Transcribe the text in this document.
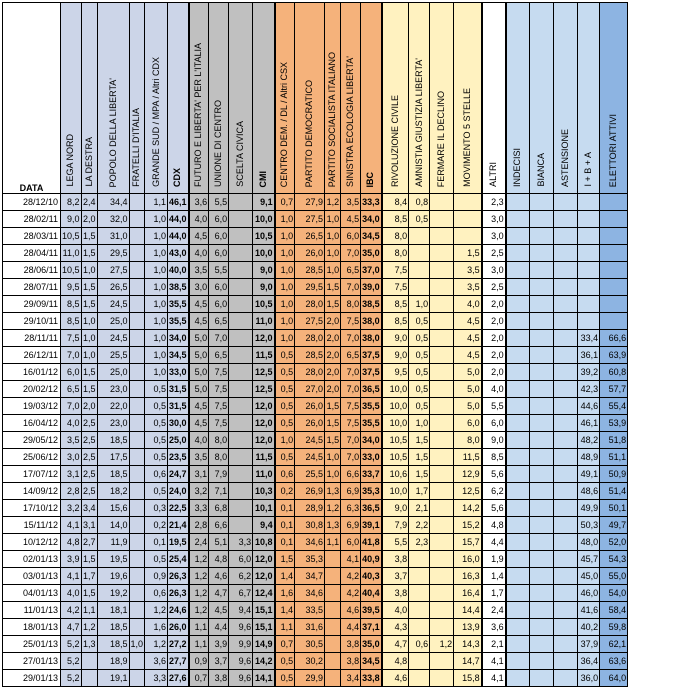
DATA	LEGA NORD	LA DESTRA	POPOLO DELLA LIBERTA'	FRATELLI D'ITALIA	GRANDE SUD / MPA / Altri CDX	CDX	FUTURO E LIBERTA' PER L'ITALIA	UNIONE DI CENTRO	SCELTA CIVICA	CMI	CENTRO DEM. / DL / Altri CSX	PARTITO DEMOCRATICO	PARTITO SOCIALISTA ITALIANO	SINISTRA ECOLOGIA LIBERTA'	IBC	RIVOLUZIONE CIVILE	AMNISTIA GIUSTIZIA LIBERTA'	FERMARE IL DECLINO	MOVIMENTO 5 STELLE	ALTRI	INDECISI	BIANCA	ASTENSIONE	I + B + A	ELETTORI ATTIVI
28/12/10	8,2	2,4	34,4		1,1	46,1	3,6	5,5		9,1	0,7	27,9	1,2	3,5	33,3	8,4	0,8			2,3					
28/02/11	9,0	2,0	32,0		1,0	44,0	4,0	6,0		10,0	1,0	27,5	1,0	4,5	34,0	8,5	0,5			3,0					
28/03/11	10,5	1,5	31,0		1,0	44,0	4,5	6,0		10,5	1,0	26,5	1,0	6,0	34,5	8,0				3,0					
28/04/11	11,0	1,5	29,5		1,0	43,0	4,0	6,0		10,0	1,0	26,0	1,0	7,0	35,0	8,0			1,5	2,5					
28/06/11	10,5	1,0	27,5		1,0	40,0	3,5	5,5		9,0	1,0	28,5	1,0	6,5	37,0	7,5			3,5	3,0					
28/07/11	9,5	1,5	26,5		1,0	38,5	3,0	6,0		9,0	1,0	29,5	1,5	7,0	39,0	7,5			3,5	2,5					
29/09/11	8,5	1,5	24,5		1,0	35,5	4,5	6,0		10,5	1,0	28,0	1,5	8,0	38,5	8,5	1,0		4,0	2,0					
29/10/11	8,5	1,0	25,0		1,0	35,5	4,5	6,5		11,0	1,0	27,5	2,0	7,5	38,0	8,5	0,5		4,5	2,0					
28/11/11	7,5	1,0	24,5		1,0	34,0	5,0	7,0		12,0	1,0	28,0	2,0	7,0	38,0	9,0	0,5		4,5	2,0				33,4	66,6
26/12/11	7,0	1,0	25,5		1,0	34,5	5,0	6,5		11,5	0,5	28,5	2,0	6,5	37,5	9,0	0,5		4,5	2,0				36,1	63,9
16/01/12	6,0	1,5	25,0		1,0	33,0	5,0	7,5		12,5	0,5	28,0	2,0	7,0	37,5	9,5	0,5		5,0	2,0				39,2	60,8
20/02/12	6,5	1,5	23,0		0,5	31,5	5,0	7,5		12,5	0,5	27,0	2,0	7,0	36,5	10,0	0,5		5,0	4,0				42,3	57,7
19/03/12	7,0	2,0	22,0		0,5	31,5	4,5	7,5		12,0	0,5	26,0	1,5	7,5	35,5	10,0	0,5		5,0	5,5				44,6	55,4
16/04/12	4,0	2,5	23,0		0,5	30,0	4,5	7,5		12,0	0,5	26,0	1,5	7,5	35,5	10,0	1,0		6,0	6,0				46,1	53,9
29/05/12	3,5	2,5	18,5		0,5	25,0	4,0	8,0		12,0	1,0	24,5	1,5	7,0	34,0	10,5	1,5		8,0	9,0				48,2	51,8
25/06/12	3,0	2,5	17,5		0,5	23,5	3,5	8,0		11,5	0,5	24,5	1,0	7,0	33,0	10,5	1,5		11,5	8,5				48,9	51,1
17/07/12	3,1	2,5	18,5		0,6	24,7	3,1	7,9		11,0	0,6	25,5	1,0	6,6	33,7	10,6	1,5		12,9	5,6				49,1	50,9
14/09/12	2,8	2,5	18,2		0,5	24,0	3,2	7,1		10,3	0,2	26,9	1,3	6,9	35,3	10,0	1,7		12,5	6,2				48,6	51,4
17/10/12	3,2	3,4	15,6		0,3	22,5	3,3	6,8		10,1	0,1	28,9	1,2	6,3	36,5	9,0	2,1		14,2	5,6				49,9	50,1
15/11/12	4,1	3,1	14,0		0,2	21,4	2,8	6,6		9,4	0,1	30,8	1,3	6,9	39,1	7,9	2,2		15,2	4,8				50,3	49,7
10/12/12	4,8	2,7	11,9		0,1	19,5	2,4	5,1	3,3	10,8	0,1	34,6	1,1	6,0	41,8	5,5	2,3		15,7	4,4				48,0	52,0
02/01/13	3,9	1,5	19,5		0,5	25,4	1,2	4,8	6,0	12,0	1,5	35,3		4,1	40,9	3,8			16,0	1,9				45,7	54,3
03/01/13	4,1	1,7	19,6		0,9	26,3	1,2	4,6	6,2	12,0	1,4	34,7		4,2	40,3	3,7			16,3	1,4				45,0	55,0
04/01/13	4,0	1,5	19,2		0,6	26,3	1,2	4,7	6,7	12,4	1,6	34,6		4,2	40,4	3,8			16,4	1,7				46,0	54,0
11/01/13	4,2	1,1	18,1		1,2	24,6	1,2	4,5	9,4	15,1	1,4	33,5		4,6	39,5	4,0			14,4	2,4				41,6	58,4
18/01/13	4,7	1,2	18,5		1,6	26,0	1,1	4,4	9,6	15,1	1,1	31,6		4,4	37,1	4,3			13,9	3,6				40,2	59,8
25/01/13	5,2	1,3	18,5	1,0	1,2	27,2	1,1	3,9	9,9	14,9	0,7	30,5		3,8	35,0	4,7	0,6	1,2	14,3	2,1				37,9	62,1
27/01/13	5,2		18,9		3,6	27,7	0,9	3,7	9,6	14,2	0,5	30,2		3,8	34,5	4,8			14,7	4,1				36,4	63,6
29/01/13	5,2		19,1		3,3	27,6	0,7	3,8	9,6	14,1	0,5	29,9		3,4	33,8	4,6			15,8	4,1				36,0	64,0
